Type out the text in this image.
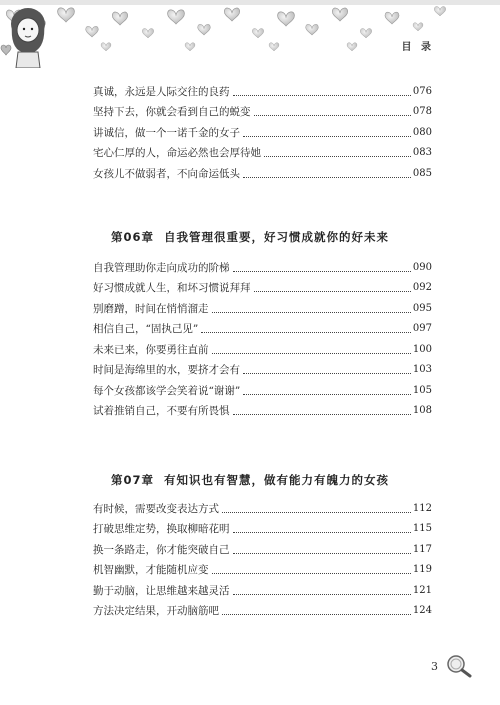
目 录
真诚，永远是人际交往的良药	076
坚持下去，你就会看到自己的蜕变	078
讲诚信，做一个一诺千金的女子	080
宅心仁厚的人，命运必然也会厚待她	083
女孩儿不做弱者，不向命运低头	085
第06章 自我管理很重要，好习惯成就你的好未来
自我管理助你走向成功的阶梯	090
好习惯成就人生，和坏习惯说拜拜	092
别磨蹭，时间在悄悄溜走	095
相信自己，“固执己见”	097
未来已来，你要勇往直前	100
时间是海绵里的水，要挤才会有	103
每个女孩都该学会笑着说“谢谢”	105
试着推销自己，不要有所畏惧	108
第07章 有知识也有智慧，做有能力有魄力的女孩
有时候，需要改变表达方式	112
打破思维定势，换取柳暗花明	115
换一条路走，你才能突破自己	117
机智幽默，才能随机应变	119
勤于动脑，让思维越来越灵活	121
方法决定结果，开动脑筋吧	124
3
